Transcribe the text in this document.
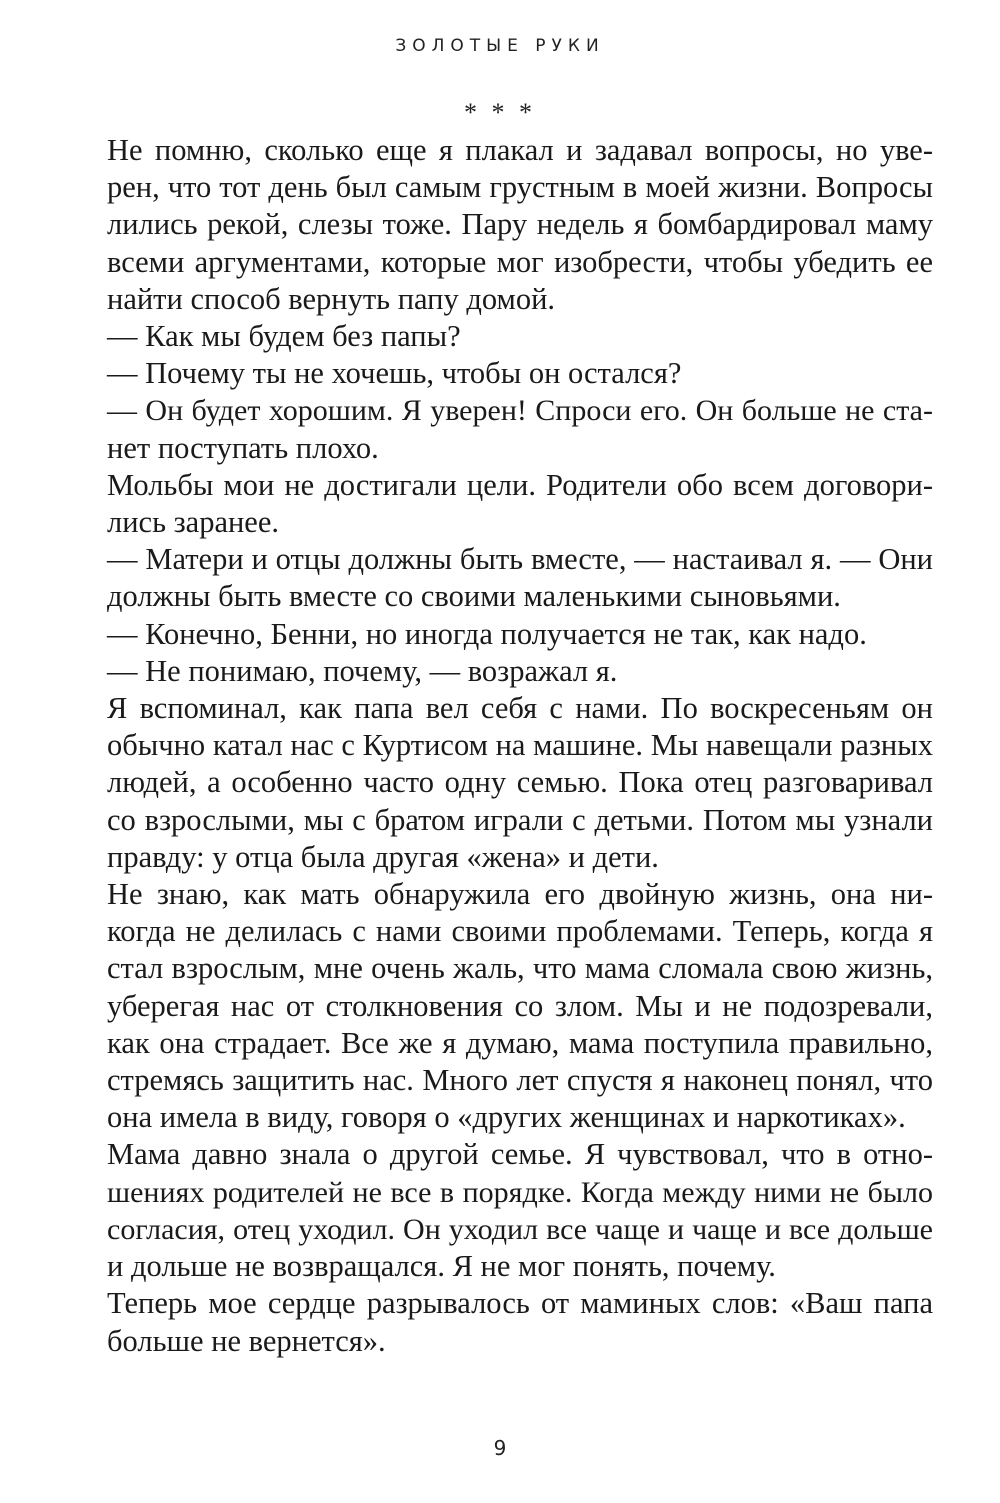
ЗОЛОТЫЕ РУКИ
* * *
Не помню, сколько еще я плакал и задавал вопросы, но уве-
рен, что тот день был самым грустным в моей жизни. Вопросы
лились рекой, слезы тоже. Пару недель я бомбардировал маму
всеми аргументами, которые мог изобрести, чтобы убедить ее
найти способ вернуть папу домой.
— Как мы будем без папы?
— Почему ты не хочешь, чтобы он остался?
— Он будет хорошим. Я уверен! Спроси его. Он больше не ста-
нет поступать плохо.
Мольбы мои не достигали цели. Родители обо всем договори-
лись заранее.
— Матери и отцы должны быть вместе, — настаивал я. — Они
должны быть вместе со своими маленькими сыновьями.
— Конечно, Бенни, но иногда получается не так, как надо.
— Не понимаю, почему, — возражал я.
Я вспоминал, как папа вел себя с нами. По воскресеньям он
обычно катал нас с Куртисом на машине. Мы навещали разных
людей, а особенно часто одну семью. Пока отец разговаривал
со взрослыми, мы с братом играли с детьми. Потом мы узнали
правду: у отца была другая «жена» и дети.
Не знаю, как мать обнаружила его двойную жизнь, она ни-
когда не делилась с нами своими проблемами. Теперь, когда я
стал взрослым, мне очень жаль, что мама сломала свою жизнь,
уберегая нас от столкновения со злом. Мы и не подозревали,
как она страдает. Все же я думаю, мама поступила правильно,
стремясь защитить нас. Много лет спустя я наконец понял, что
она имела в виду, говоря о «других женщинах и наркотиках».
Мама давно знала о другой семье. Я чувствовал, что в отно-
шениях родителей не все в порядке. Когда между ними не было
согласия, отец уходил. Он уходил все чаще и чаще и все дольше
и дольше не возвращался. Я не мог понять, почему.
Теперь мое сердце разрывалось от маминых слов: «Ваш папа
больше не вернется».
9
